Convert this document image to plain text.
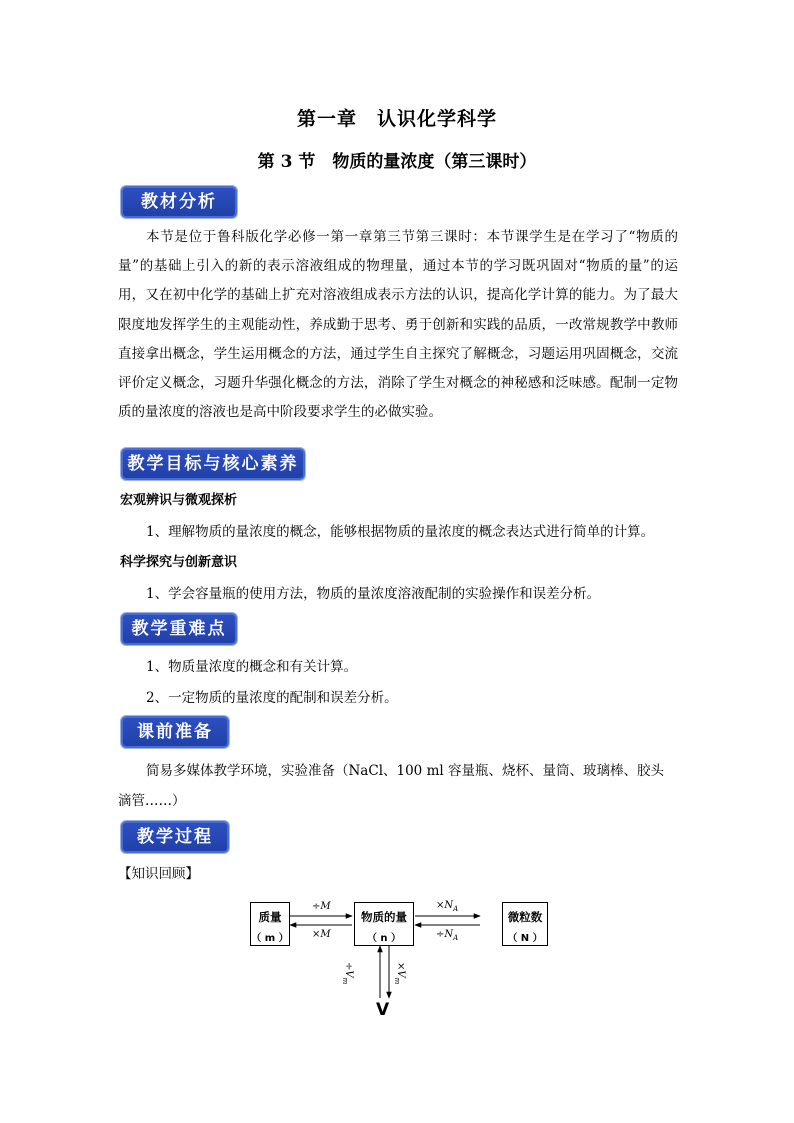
第一章　认识化学科学
第 3 节　物质的量浓度（第三课时）
教材分析
本节是位于鲁科版化学必修一第一章第三节第三课时：本节课学生是在学习了“物质的量”的基础上引入的新的表示溶液组成的物理量，通过本节的学习既巩固对“物质的量”的运用，又在初中化学的基础上扩充对溶液组成表示方法的认识，提高化学计算的能力。为了最大限度地发挥学生的主观能动性，养成勤于思考、勇于创新和实践的品质，一改常规教学中教师直接拿出概念，学生运用概念的方法，通过学生自主探究了解概念，习题运用巩固概念，交流评价定义概念，习题升华强化概念的方法，消除了学生对概念的神秘感和泛味感。配制一定物质的量浓度的溶液也是高中阶段要求学生的必做实验。
教学目标与核心素养
宏观辨识与微观探析
1、理解物质的量浓度的概念，能够根据物质的量浓度的概念表达式进行简单的计算。
科学探究与创新意识
1、学会容量瓶的使用方法，物质的量浓度溶液配制的实验操作和误差分析。
教学重难点
1、物质量浓度的概念和有关计算。
2、一定物质的量浓度的配制和误差分析。
课前准备
简易多媒体教学环境，实验准备（NaCl、100 ml 容量瓶、烧杯、量筒、玻璃棒、胶头
滴管……）
教学过程
【知识回顾】
质量
（ m ）
物质的量
（ n ）
微粒数
（ N ）
÷M
×M
$\times N_A$
$\div N_A$
$\div V_m$
$\times V_m$
V
